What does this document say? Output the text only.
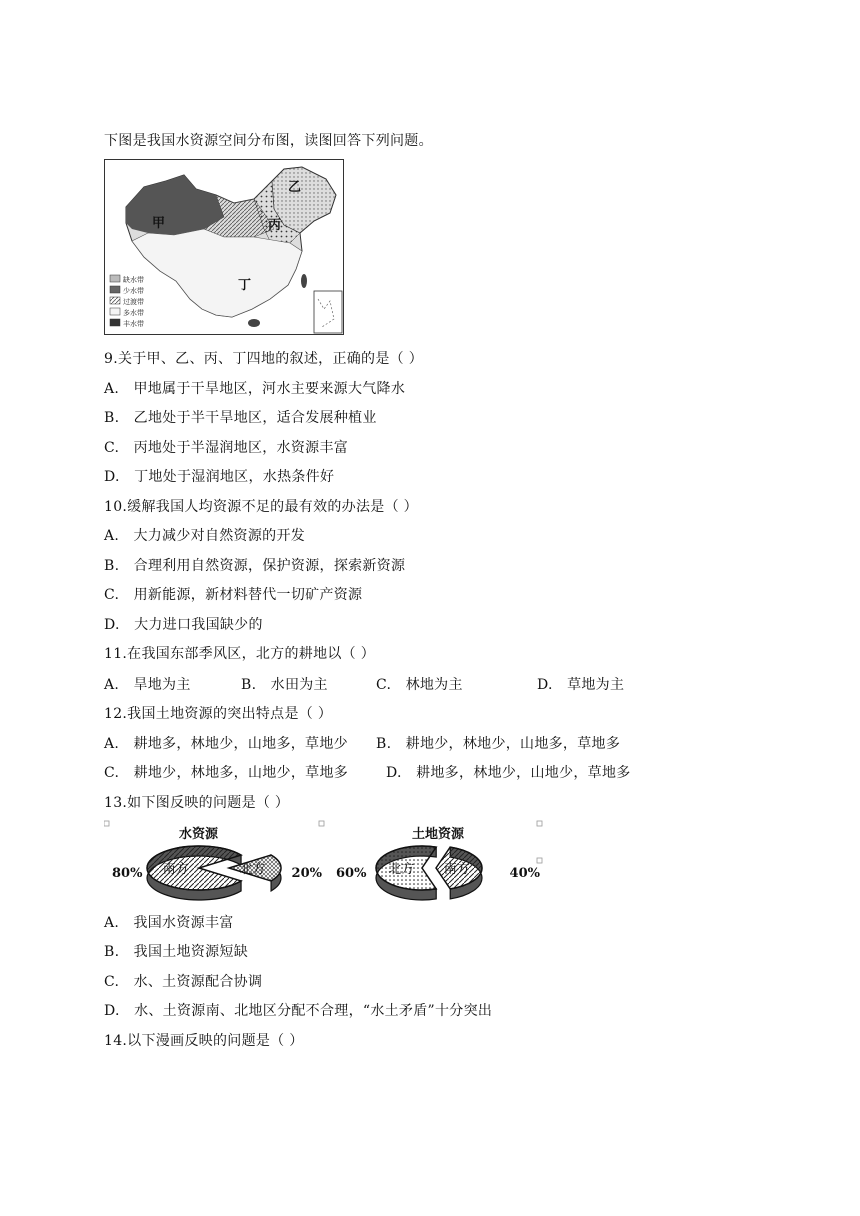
下图是我国水资源空间分布图，读图回答下列问题。
甲
乙
丙
丁
缺水带
少水带
过渡带
多水带
丰水带
9.关于甲、乙、丙、丁四地的叙述，正确的是（ ）
A.　甲地属于干旱地区，河水主要来源大气降水
B.　乙地处于半干旱地区，适合发展种植业
C.　丙地处于半湿润地区，水资源丰富
D.　丁地处于湿润地区，水热条件好
10.缓解我国人均资源不足的最有效的办法是（ ）
A.　大力减少对自然资源的开发
B.　合理利用自然资源，保护资源，探索新资源
C.　用新能源，新材料替代一切矿产资源
D.　大力进口我国缺少的
11.在我国东部季风区，北方的耕地以（ ）
A.　旱地为主	B.　水田为主	C.　林地为主	D.　草地为主
12.我国土地资源的突出特点是（ ）
A.　耕地多，林地少，山地多，草地少 B.　耕地少，林地少，山地多，草地多
C.　耕地少，林地多，山地少，草地多	D.　耕地多，林地少，山地少，草地多
13.如下图反映的问题是（ ）
水资源	土地资源
南方
80%	北方 20%	北方
60%	南方	40%
A.　我国水资源丰富
B.　我国土地资源短缺
C.　水、土资源配合协调
D.　水、土资源南、北地区分配不合理，“水土矛盾”十分突出
14.以下漫画反映的问题是（ ）
